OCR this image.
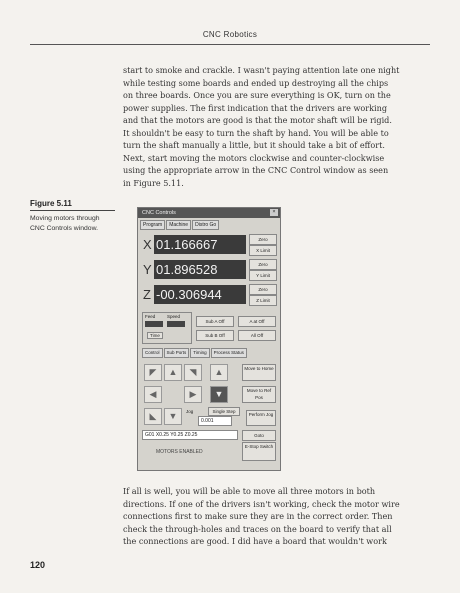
CNC Robotics
start to smoke and crackle. I wasn't paying attention late one night
while testing some boards and ended up destroying all the chips
on three boards. Once you are sure everything is OK, turn on the
power supplies. The first indication that the drivers are working
and that the motors are good is that the motor shaft will be rigid.
It shouldn't be easy to turn the shaft by hand. You will be able to
turn the shaft manually a little, but it should take a bit of effort.
Next, start moving the motors clockwise and counter-clockwise
using the appropriate arrow in the CNC Control window as seen
in Figure 5.11.
Figure 5.11
Moving motors through CNC Controls window.
CNC Controls	×
Program Machine Distro Go
X 01.166667	Zero
X Limit
Y 01.896528	Zero
Y Limit
Z -00.306944	Zero
Z Limit
Feed	Speed
Time
Sub A Off	A at Off
Sub B Off	All Off
Control Sub Ports Timing Process Status
◤	▲	◥	▲
◀	▶	▼
◣	▼
Move to Home
Move to Ref Pos
Jog	Single Step
0.001
Perform Jog
G01 X0.25 Y0.25 Z0.25	Goto
MOTORS ENABLED
E-Stop Switch
If all is well, you will be able to move all three motors in both
directions. If one of the drivers isn't working, check the motor wire
connections first to make sure they are in the correct order. Then
check the through-holes and traces on the board to verify that all
the connections are good. I did have a board that wouldn't work
120
